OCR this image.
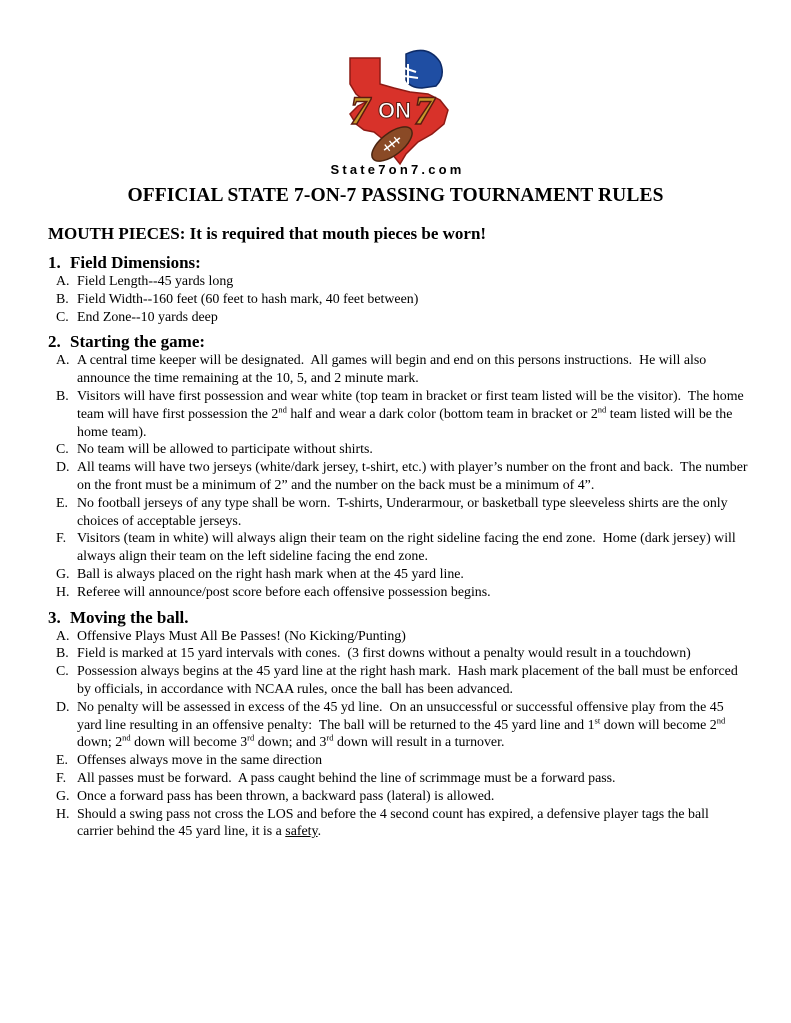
7 ON 7
State7on7.com
OFFICIAL STATE 7-ON-7 PASSING TOURNAMENT RULES
MOUTH PIECES: It is required that mouth pieces be worn!
1. Field Dimensions:
A. Field Length--45 yards long
B. Field Width--160 feet (60 feet to hash mark, 40 feet between)
C. End Zone--10 yards deep
2. Starting the game:
A. A central time keeper will be designated.  All games will begin and end on this persons instructions.  He will also announce the time remaining at the 10, 5, and 2 minute mark.
B. Visitors will have first possession and wear white (top team in bracket or first team listed will be the visitor).  The home team will have first possession the 2nd half and wear a dark color (bottom team in bracket or 2nd team listed will be the home team).
C. No team will be allowed to participate without shirts.
D. All teams will have two jerseys (white/dark jersey, t-shirt, etc.) with player’s number on the front and back.  The number on the front must be a minimum of 2” and the number on the back must be a minimum of 4”.
E. No football jerseys of any type shall be worn.  T-shirts, Underarmour, or basketball type sleeveless shirts are the only choices of acceptable jerseys.
F. Visitors (team in white) will always align their team on the right sideline facing the end zone.  Home (dark jersey) will always align their team on the left sideline facing the end zone.
G. Ball is always placed on the right hash mark when at the 45 yard line.
H. Referee will announce/post score before each offensive possession begins.
3. Moving the ball.
A. Offensive Plays Must All Be Passes! (No Kicking/Punting)
B. Field is marked at 15 yard intervals with cones.  (3 first downs without a penalty would result in a touchdown)
C. Possession always begins at the 45 yard line at the right hash mark.  Hash mark placement of the ball must be enforced by officials, in accordance with NCAA rules, once the ball has been advanced.
D. No penalty will be assessed in excess of the 45 yd line.  On an unsuccessful or successful offensive play from the 45 yard line resulting in an offensive penalty:  The ball will be returned to the 45 yard line and 1st down will become 2nd down; 2nd down will become 3rd down; and 3rd down will result in a turnover.
E. Offenses always move in the same direction
F. All passes must be forward.  A pass caught behind the line of scrimmage must be a forward pass.
G. Once a forward pass has been thrown, a backward pass (lateral) is allowed.
H. Should a swing pass not cross the LOS and before the 4 second count has expired, a defensive player tags the ball carrier behind the 45 yard line, it is a safety.
